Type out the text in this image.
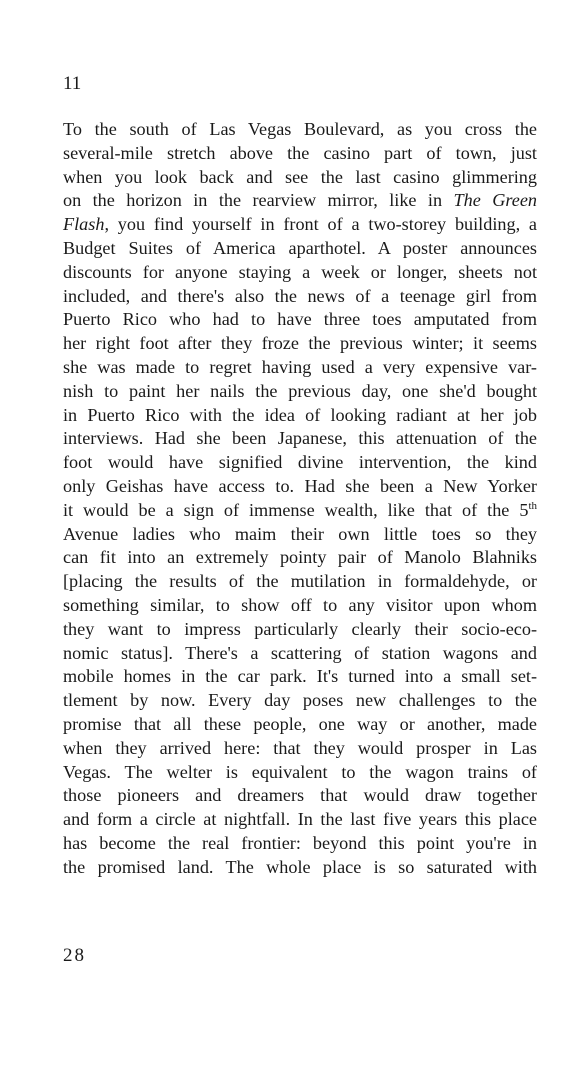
11
To the south of Las Vegas Boulevard, as you cross the
several-mile stretch above the casino part of town, just
when you look back and see the last casino glimmering
on the horizon in the rearview mirror, like in The Green
Flash, you find yourself in front of a two-storey building, a
Budget Suites of America aparthotel. A poster announces
discounts for anyone staying a week or longer, sheets not
included, and there's also the news of a teenage girl from
Puerto Rico who had to have three toes amputated from
her right foot after they froze the previous winter; it seems
she was made to regret having used a very expensive var-
nish to paint her nails the previous day, one she'd bought
in Puerto Rico with the idea of looking radiant at her job
interviews. Had she been Japanese, this attenuation of the
foot would have signified divine intervention, the kind
only Geishas have access to. Had she been a New Yorker
it would be a sign of immense wealth, like that of the 5th
Avenue ladies who maim their own little toes so they
can fit into an extremely pointy pair of Manolo Blahniks
[placing the results of the mutilation in formaldehyde, or
something similar, to show off to any visitor upon whom
they want to impress particularly clearly their socio-eco-
nomic status]. There's a scattering of station wagons and
mobile homes in the car park. It's turned into a small set-
tlement by now. Every day poses new challenges to the
promise that all these people, one way or another, made
when they arrived here: that they would prosper in Las
Vegas. The welter is equivalent to the wagon trains of
those pioneers and dreamers that would draw together
and form a circle at nightfall. In the last five years this place
has become the real frontier: beyond this point you're in
the promised land. The whole place is so saturated with
28
